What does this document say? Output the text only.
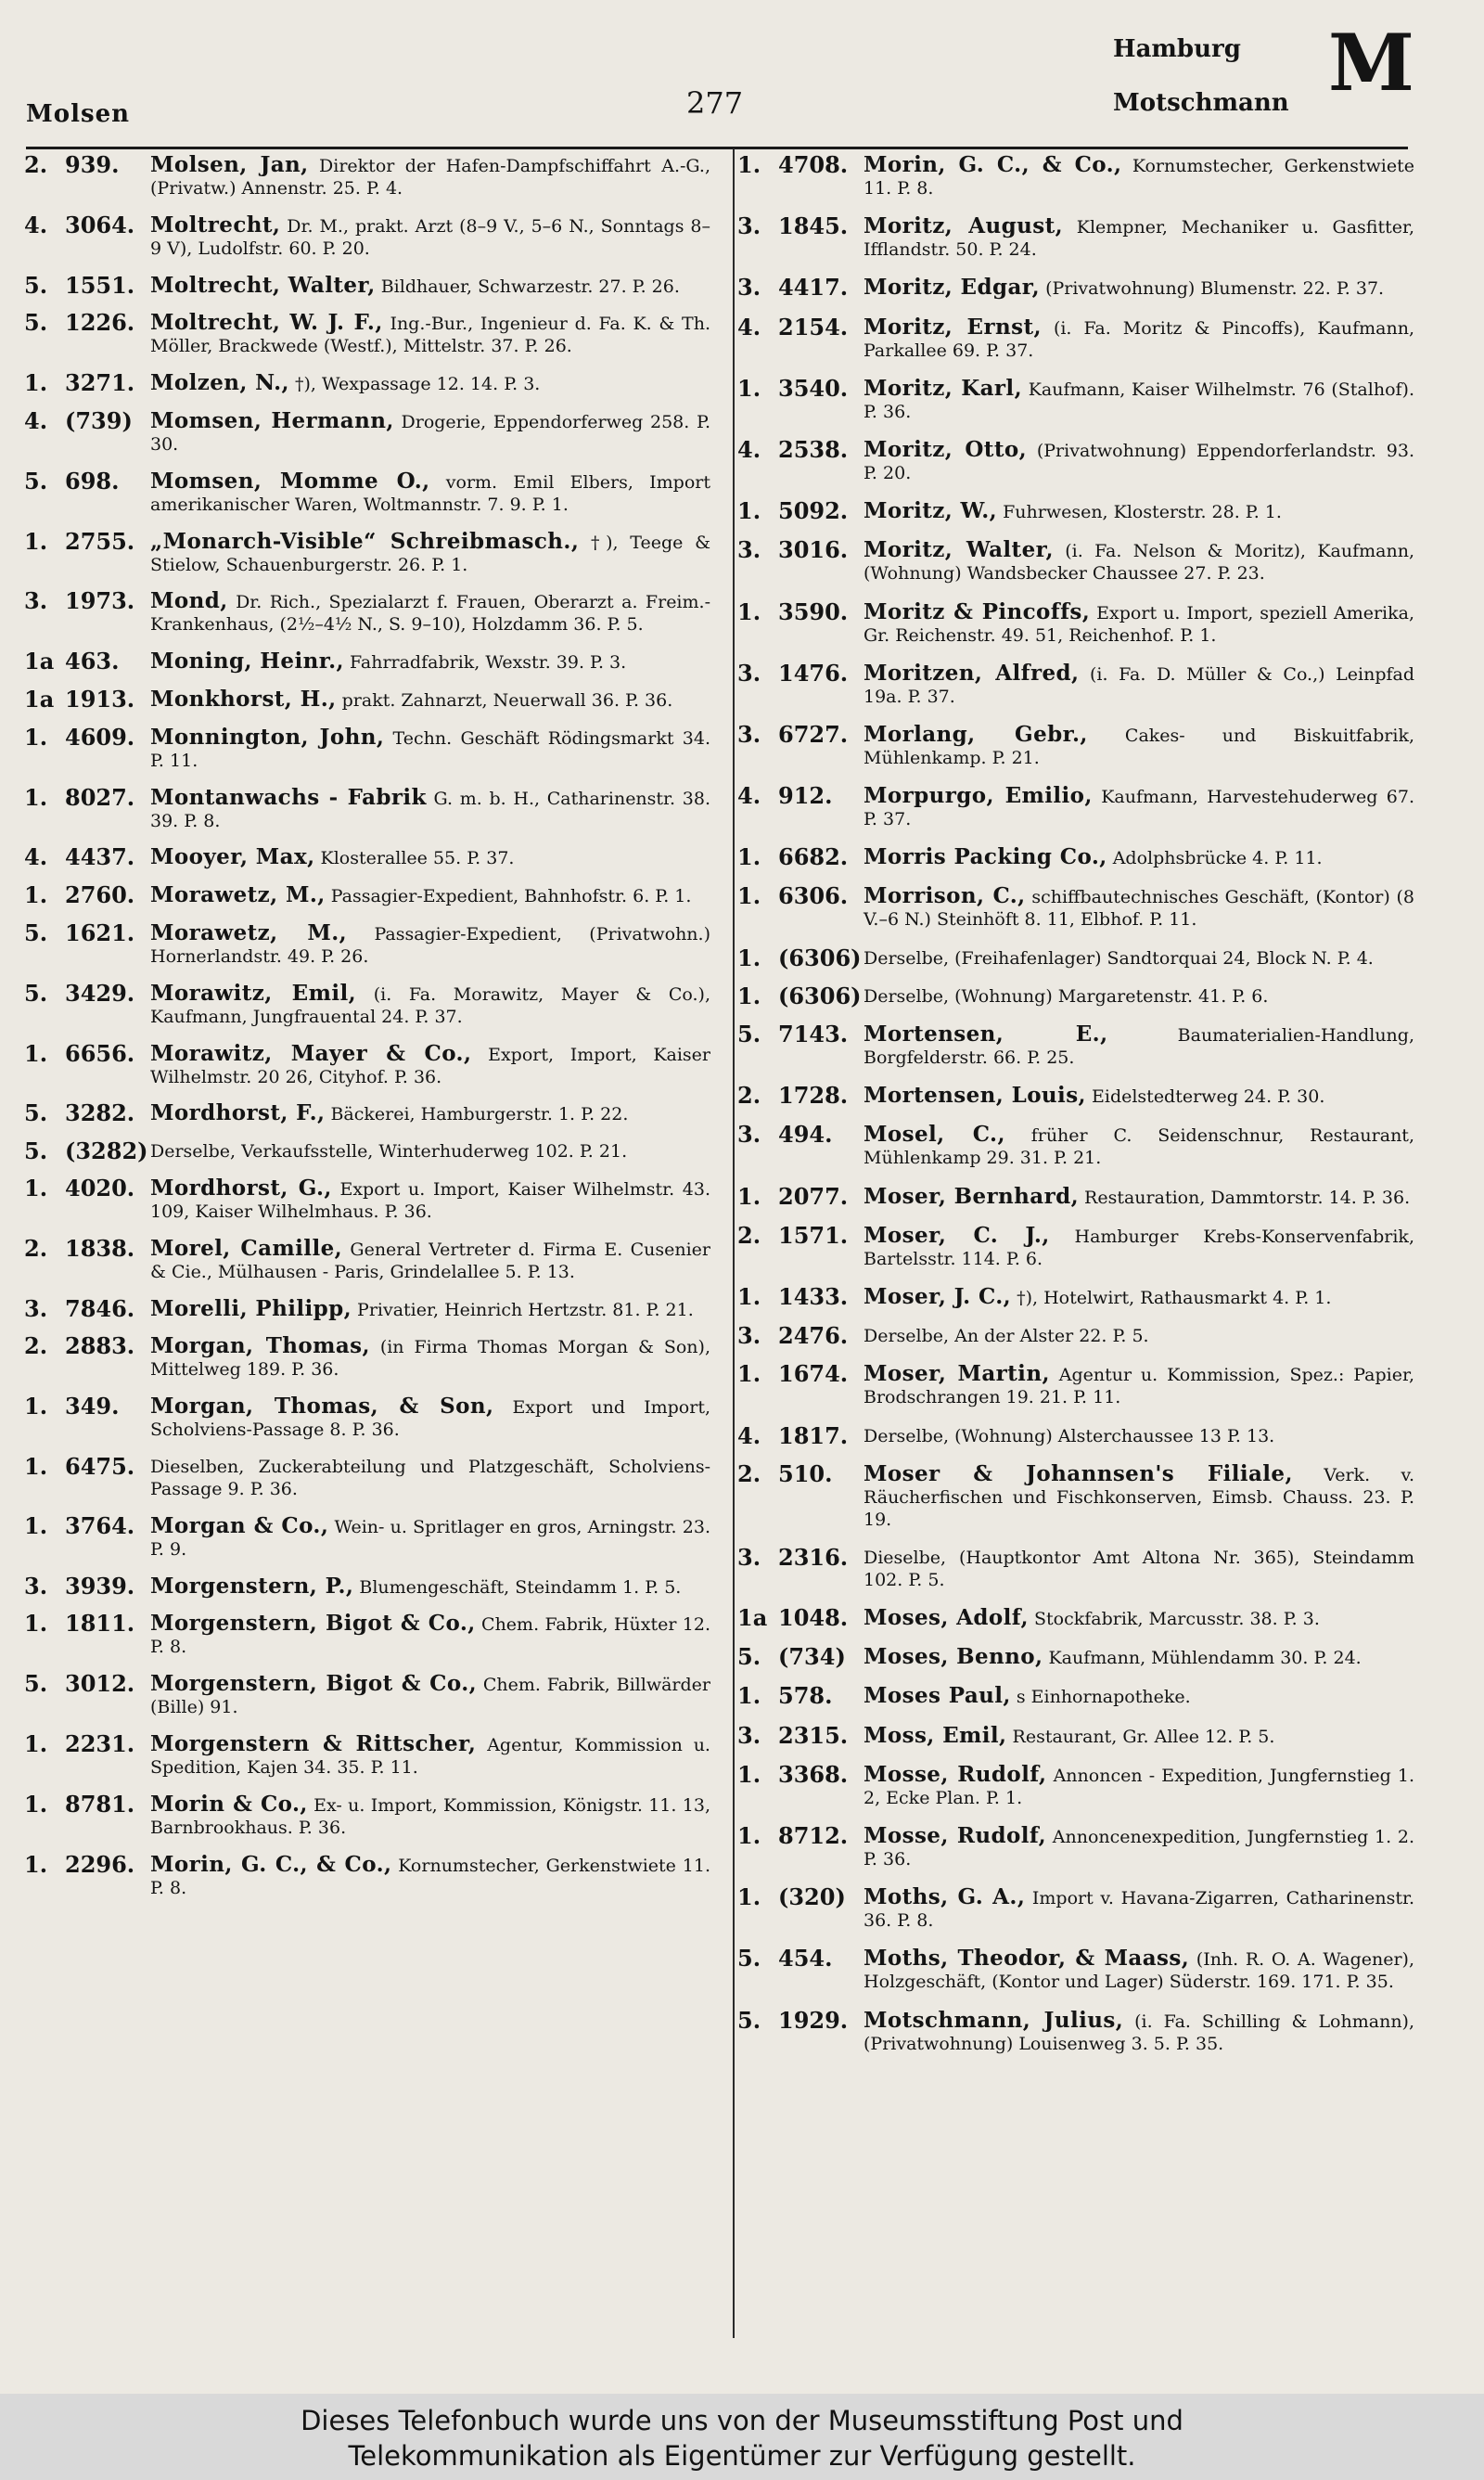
Molsen	277
Hamburg M
Motschmann
2. 939. Molsen, Jan, Direktor der Hafen-Dampfschiffahrt A.-G., (Privatw.) Annenstr. 25. P. 4.
4. 3064. Moltrecht, Dr. M., prakt. Arzt (8–9 V., 5–6 N., Sonntags 8–9 V), Ludolfstr. 60. P. 20.
5. 1551. Moltrecht, Walter, Bildhauer, Schwarzestr. 27. P. 26.
5. 1226. Moltrecht, W. J. F., Ing.-Bur., Ingenieur d. Fa. K. & Th. Möller, Brackwede (Westf.), Mittelstr. 37. P. 26.
1. 3271. Molzen, N., †), Wexpassage 12. 14. P. 3.
4. (739) Momsen, Hermann, Drogerie, Eppendorferweg 258. P. 30.
5. 698. Momsen, Momme O., vorm. Emil Elbers, Import amerikanischer Waren, Woltmannstr. 7. 9. P. 1.
1. 2755. „Monarch-Visible“ Schreibmasch., †), Teege & Stielow, Schauenburgerstr. 26. P. 1.
3. 1973. Mond, Dr. Rich., Spezialarzt f. Frauen, Oberarzt a. Freim.-Krankenhaus, (2½–4½ N., S. 9–10), Holzdamm 36. P. 5.
1a 463. Moning, Heinr., Fahrradfabrik, Wexstr. 39. P. 3.
1a 1913. Monkhorst, H., prakt. Zahnarzt, Neuerwall 36. P. 36.
1. 4609. Monnington, John, Techn. Geschäft Rödingsmarkt 34. P. 11.
1. 8027. Montanwachs - Fabrik G. m. b. H., Catharinenstr. 38. 39. P. 8.
4. 4437. Mooyer, Max, Klosterallee 55. P. 37.
1. 2760. Morawetz, M., Passagier-Expedient, Bahnhofstr. 6. P. 1.
5. 1621. Morawetz, M., Passagier-Expedient, (Privatwohn.) Hornerlandstr. 49. P. 26.
5. 3429. Morawitz, Emil, (i. Fa. Morawitz, Mayer & Co.), Kaufmann, Jungfrauental 24. P. 37.
1. 6656. Morawitz, Mayer & Co., Export, Import, Kaiser Wilhelmstr. 20 26, Cityhof. P. 36.
5. 3282. Mordhorst, F., Bäckerei, Hamburgerstr. 1. P. 22.
5. (3282) Derselbe, Verkaufsstelle, Winterhuderweg 102. P. 21.
1. 4020. Mordhorst, G., Export u. Import, Kaiser Wilhelmstr. 43. 109, Kaiser Wilhelmhaus. P. 36.
2. 1838. Morel, Camille, General Vertreter d. Firma E. Cusenier & Cie., Mülhausen - Paris, Grindelallee 5. P. 13.
3. 7846. Morelli, Philipp, Privatier, Heinrich Hertzstr. 81. P. 21.
2. 2883. Morgan, Thomas, (in Firma Thomas Morgan & Son), Mittelweg 189. P. 36.
1. 349. Morgan, Thomas, & Son, Export und Import, Scholviens-Passage 8. P. 36.
1. 6475. Dieselben, Zuckerabteilung und Platzgeschäft, Scholviens-Passage 9. P. 36.
1. 3764. Morgan & Co., Wein- u. Spritlager en gros, Arningstr. 23. P. 9.
3. 3939. Morgenstern, P., Blumengeschäft, Steindamm 1. P. 5.
1. 1811. Morgenstern, Bigot & Co., Chem. Fabrik, Hüxter 12. P. 8.
5. 3012. Morgenstern, Bigot & Co., Chem. Fabrik, Billwärder (Bille) 91.
1. 2231. Morgenstern & Rittscher, Agentur, Kommission u. Spedition, Kajen 34. 35. P. 11.
1. 8781. Morin & Co., Ex- u. Import, Kommission, Königstr. 11. 13, Barnbrookhaus. P. 36.
1. 2296. Morin, G. C., & Co., Kornumstecher, Gerkenstwiete 11. P. 8.
1. 4708. Morin, G. C., & Co., Kornumstecher, Gerkenstwiete 11. P. 8.
3. 1845. Moritz, August, Klempner, Mechaniker u. Gasfitter, Ifflandstr. 50. P. 24.
3. 4417. Moritz, Edgar, (Privatwohnung) Blumenstr. 22. P. 37.
4. 2154. Moritz, Ernst, (i. Fa. Moritz & Pincoffs), Kaufmann, Parkallee 69. P. 37.
1. 3540. Moritz, Karl, Kaufmann, Kaiser Wilhelmstr. 76 (Stalhof). P. 36.
4. 2538. Moritz, Otto, (Privatwohnung) Eppendorferlandstr. 93. P. 20.
1. 5092. Moritz, W., Fuhrwesen, Klosterstr. 28. P. 1.
3. 3016. Moritz, Walter, (i. Fa. Nelson & Moritz), Kaufmann, (Wohnung) Wandsbecker Chaussee 27. P. 23.
1. 3590. Moritz & Pincoffs, Export u. Import, speziell Amerika, Gr. Reichenstr. 49. 51, Reichenhof. P. 1.
3. 1476. Moritzen, Alfred, (i. Fa. D. Müller & Co.,) Leinpfad 19a. P. 37.
3. 6727. Morlang, Gebr., Cakes- und Biskuitfabrik, Mühlenkamp. P. 21.
4. 912. Morpurgo, Emilio, Kaufmann, Harvestehuderweg 67. P. 37.
1. 6682. Morris Packing Co., Adolphsbrücke 4. P. 11.
1. 6306. Morrison, C., schiffbautechnisches Geschäft, (Kontor) (8 V.–6 N.) Steinhöft 8. 11, Elbhof. P. 11.
1. (6306) Derselbe, (Freihafenlager) Sandtorquai 24, Block N. P. 4.
1. (6306) Derselbe, (Wohnung) Margaretenstr. 41. P. 6.
5. 7143. Mortensen, E.,	Baumaterialien-Handlung, Borgfelderstr. 66. P. 25.
2. 1728. Mortensen, Louis, Eidelstedterweg 24. P. 30.
3. 494. Mosel, C., früher C. Seidenschnur, Restaurant, Mühlenkamp 29. 31. P. 21.
1. 2077. Moser, Bernhard, Restauration, Dammtorstr. 14. P. 36.
2. 1571. Moser, C. J., Hamburger Krebs-Konservenfabrik, Bartelsstr. 114. P. 6.
1. 1433. Moser, J. C., †), Hotelwirt, Rathausmarkt 4. P. 1.
3. 2476. Derselbe, An der Alster 22. P. 5.
1. 1674. Moser, Martin, Agentur u. Kommission, Spez.: Papier, Brodschrangen 19. 21. P. 11.
4. 1817. Derselbe, (Wohnung) Alsterchaussee 13 P. 13.
2. 510. Moser & Johannsen's Filiale, Verk. v. Räucherfischen und Fischkonserven, Eimsb. Chauss. 23. P. 19.
3. 2316. Dieselbe, (Hauptkontor Amt Altona Nr. 365), Steindamm 102. P. 5.
1a 1048. Moses, Adolf, Stockfabrik, Marcusstr. 38. P. 3.
5. (734) Moses, Benno, Kaufmann, Mühlendamm 30. P. 24.
1. 578. Moses Paul, s Einhornapotheke.
3. 2315. Moss, Emil, Restaurant, Gr. Allee 12. P. 5.
1. 3368. Mosse, Rudolf, Annoncen - Expedition, Jungfernstieg 1. 2, Ecke Plan. P. 1.
1. 8712. Mosse, Rudolf, Annoncenexpedition, Jungfernstieg 1. 2. P. 36.
1. (320) Moths, G. A., Import v. Havana-Zigarren, Catharinenstr. 36. P. 8.
5. 454. Moths, Theodor, & Maass, (Inh. R. O. A. Wagener), Holzgeschäft, (Kontor und Lager) Süderstr. 169. 171. P. 35.
5. 1929. Motschmann, Julius, (i. Fa. Schilling & Lohmann), (Privatwohnung) Louisenweg 3. 5. P. 35.
Dieses Telefonbuch wurde uns von der Museumsstiftung Post und
Telekommunikation als Eigentümer zur Verfügung gestellt.
